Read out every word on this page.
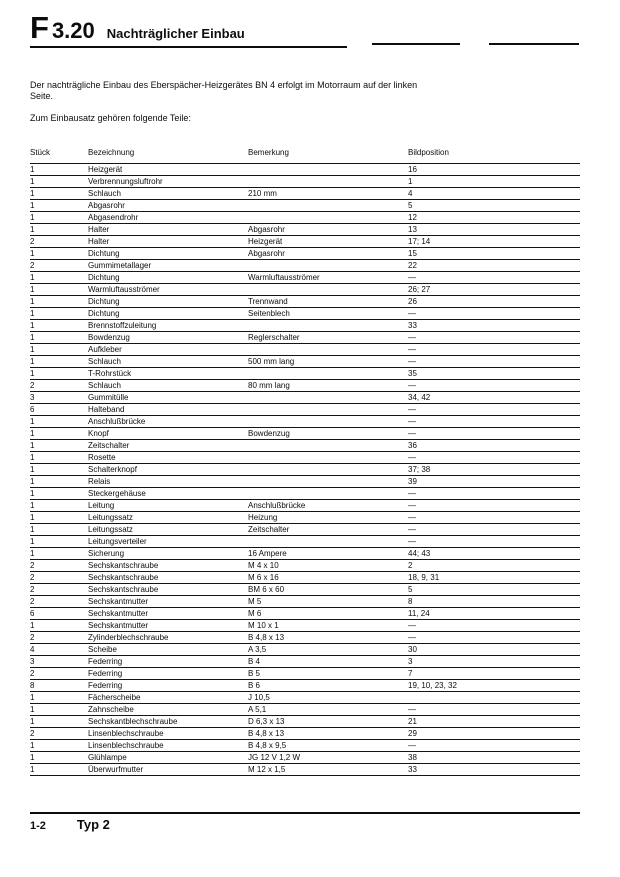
F 3.20 Nachträglicher Einbau
Der nachträgliche Einbau des Eberspächer-Heizgerätes BN 4 erfolgt im Motorraum auf der linken
Seite.
Zum Einbausatz gehören folgende Teile:
Stück	Bezeichnung	Bemerkung	Bildposition
1	Heizgerät		16
1	Verbrennungsluftrohr		1
1	Schlauch	210 mm	4
1	Abgasrohr		5
1	Abgasendrohr		12
1	Halter	Abgasrohr	13
2	Halter	Heizgerät	17; 14
1	Dichtung	Abgasrohr	15
2	Gummimetallager		22
1	Dichtung	Warmluftausströmer	—
1	Warmluftausströmer		26; 27
1	Dichtung	Trennwand	26
1	Dichtung	Seitenblech	—
1	Brennstoffzuleitung		33
1	Bowdenzug	Reglerschalter	—
1	Aufkleber		—
1	Schlauch	500 mm lang	—
1	T-Rohrstück		35
2	Schlauch	80 mm lang	—
3	Gummitülle		34, 42
6	Halteband		—
1	Anschlußbrücke		—
1	Knopf	Bowdenzug	—
1	Zeitschalter		36
1	Rosette		—
1	Schalterknopf		37; 38
1	Relais		39
1	Steckergehäuse		—
1	Leitung	Anschlußbrücke	—
1	Leitungssatz	Heizung	—
1	Leitungssatz	Zeitschalter	—
1	Leitungsverteiler		—
1	Sicherung	16 Ampere	44; 43
2	Sechskantschraube	M 4 x 10	2
2	Sechskantschraube	M 6 x 16	18, 9, 31
2	Sechskantschraube	BM 6 x 60	5
2	Sechskantmutter	M 5	8
6	Sechskantmutter	M 6	11, 24
1	Sechskantmutter	M 10 x 1	—
2	Zylinderblechschraube	B 4,8 x 13	—
4	Scheibe	A 3,5	30
3	Federring	B 4	3
2	Federring	B 5	7
8	Federring	B 6	19, 10, 23, 32
1	Fächerscheibe	J 10,5	
1	Zahnscheibe	A 5,1	—
1	Sechskantblechschraube	D 6,3 x 13	21
2	Linsenblechschraube	B 4,8 x 13	29
1	Linsenblechschraube	B 4,8 x 9,5	—
1	Glühlampe	JG 12 V 1,2 W	38
1	Überwurfmutter	M 12 x 1,5	33
1-2 Typ 2
